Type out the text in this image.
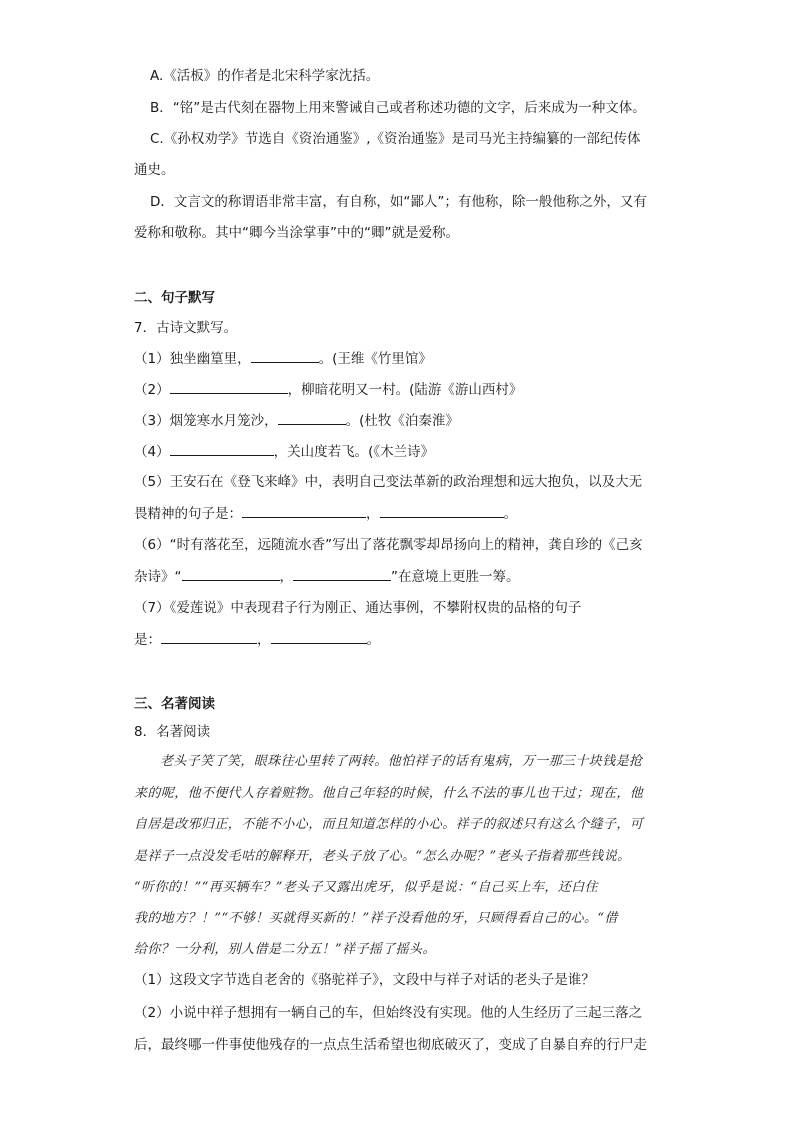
A.《活板》的作者是北宋科学家沈括。
B．“铭”是古代刻在器物上用来警诫自己或者称述功德的文字，后来成为一种文体。
C.《孙权劝学》节选自《资治通鉴》,《资治通鉴》是司马光主持编纂的一部纪传体
通史。
D．文言文的称谓语非常丰富，有自称，如“鄙人”；有他称，除一般他称之外，又有
爱称和敬称。其中“卿今当涂掌事”中的“卿”就是爱称。
二、句子默写
7．古诗文默写。
（1）独坐幽篁里，	。(王维《竹里馆》
（2）	，柳暗花明又一村。(陆游《游山西村》
（3）烟笼寒水月笼沙，	。(杜牧《泊秦淮》
（4）	，关山度若飞。(《木兰诗》
（5）王安石在《登飞来峰》中，表明自己变法革新的政治理想和远大抱负，以及大无
畏精神的句子是：	，	。
（6）“时有落花至，远随流水香”写出了落花飘零却昂扬向上的精神，龚自珍的《己亥
杂诗》“	，	”在意境上更胜一筹。
（7）《爱莲说》中表现君子行为刚正、通达事例，不攀附权贵的品格的句子
是：	，	。
三、名著阅读
8．名著阅读
老头子笑了笑，眼珠往心里转了两转。他怕祥子的话有鬼病，万一那三十块钱是抢
来的呢，他不便代人存着赃物。他自己年轻的时候，什么不法的事儿也干过；现在，他
自居是改邪归正，不能不小心，而且知道怎样的小心。祥子的叙述只有这么个缝子，可
是祥子一点没发毛咕的解释开，老头子放了心。“怎么办呢？”老头子指着那些钱说。
“听你的！”“再买辆车？”老头子又露出虎牙，似乎是说：“自己买上车，还白住
我的地方？！”“不够！买就得买新的！”祥子没看他的牙，只顾得看自己的心。“借
给你？一分利，别人借是二分五！”祥子摇了摇头。
（1）这段文字节选自老舍的《骆驼祥子》，文段中与祥子对话的老头子是谁？
（2）小说中祥子想拥有一辆自己的车，但始终没有实现。他的人生经历了三起三落之
后，最终哪一件事使他残存的一点点生活希望也彻底破灭了，变成了自暴自弃的行尸走
